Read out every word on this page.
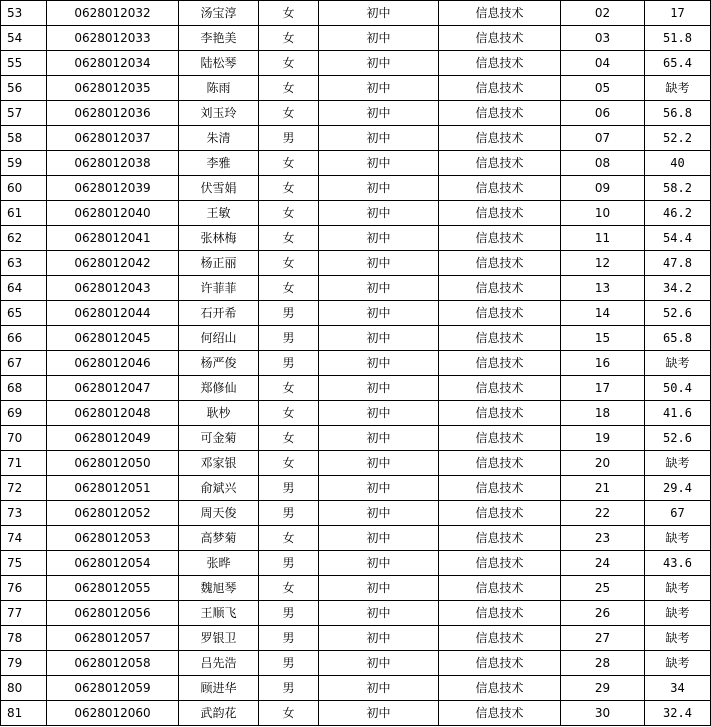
53	0628012032	汤宝淳	女	初中	信息技术	02	17
54	0628012033	李艳美	女	初中	信息技术	03	51.8
55	0628012034	陆松琴	女	初中	信息技术	04	65.4
56	0628012035	陈雨	女	初中	信息技术	05	缺考
57	0628012036	刘玉玲	女	初中	信息技术	06	56.8
58	0628012037	朱清	男	初中	信息技术	07	52.2
59	0628012038	李雅	女	初中	信息技术	08	40
60	0628012039	伏雪娟	女	初中	信息技术	09	58.2
61	0628012040	王敏	女	初中	信息技术	10	46.2
62	0628012041	张林梅	女	初中	信息技术	11	54.4
63	0628012042	杨正丽	女	初中	信息技术	12	47.8
64	0628012043	许菲菲	女	初中	信息技术	13	34.2
65	0628012044	石开希	男	初中	信息技术	14	52.6
66	0628012045	何绍山	男	初中	信息技术	15	65.8
67	0628012046	杨严俊	男	初中	信息技术	16	缺考
68	0628012047	郑修仙	女	初中	信息技术	17	50.4
69	0628012048	耿杪	女	初中	信息技术	18	41.6
70	0628012049	可金菊	女	初中	信息技术	19	52.6
71	0628012050	邓家银	女	初中	信息技术	20	缺考
72	0628012051	俞斌兴	男	初中	信息技术	21	29.4
73	0628012052	周天俊	男	初中	信息技术	22	67
74	0628012053	高梦菊	女	初中	信息技术	23	缺考
75	0628012054	张晔	男	初中	信息技术	24	43.6
76	0628012055	魏旭琴	女	初中	信息技术	25	缺考
77	0628012056	王顺飞	男	初中	信息技术	26	缺考
78	0628012057	罗银卫	男	初中	信息技术	27	缺考
79	0628012058	吕先浩	男	初中	信息技术	28	缺考
80	0628012059	顾进华	男	初中	信息技术	29	34
81	0628012060	武韵花	女	初中	信息技术	30	32.4
